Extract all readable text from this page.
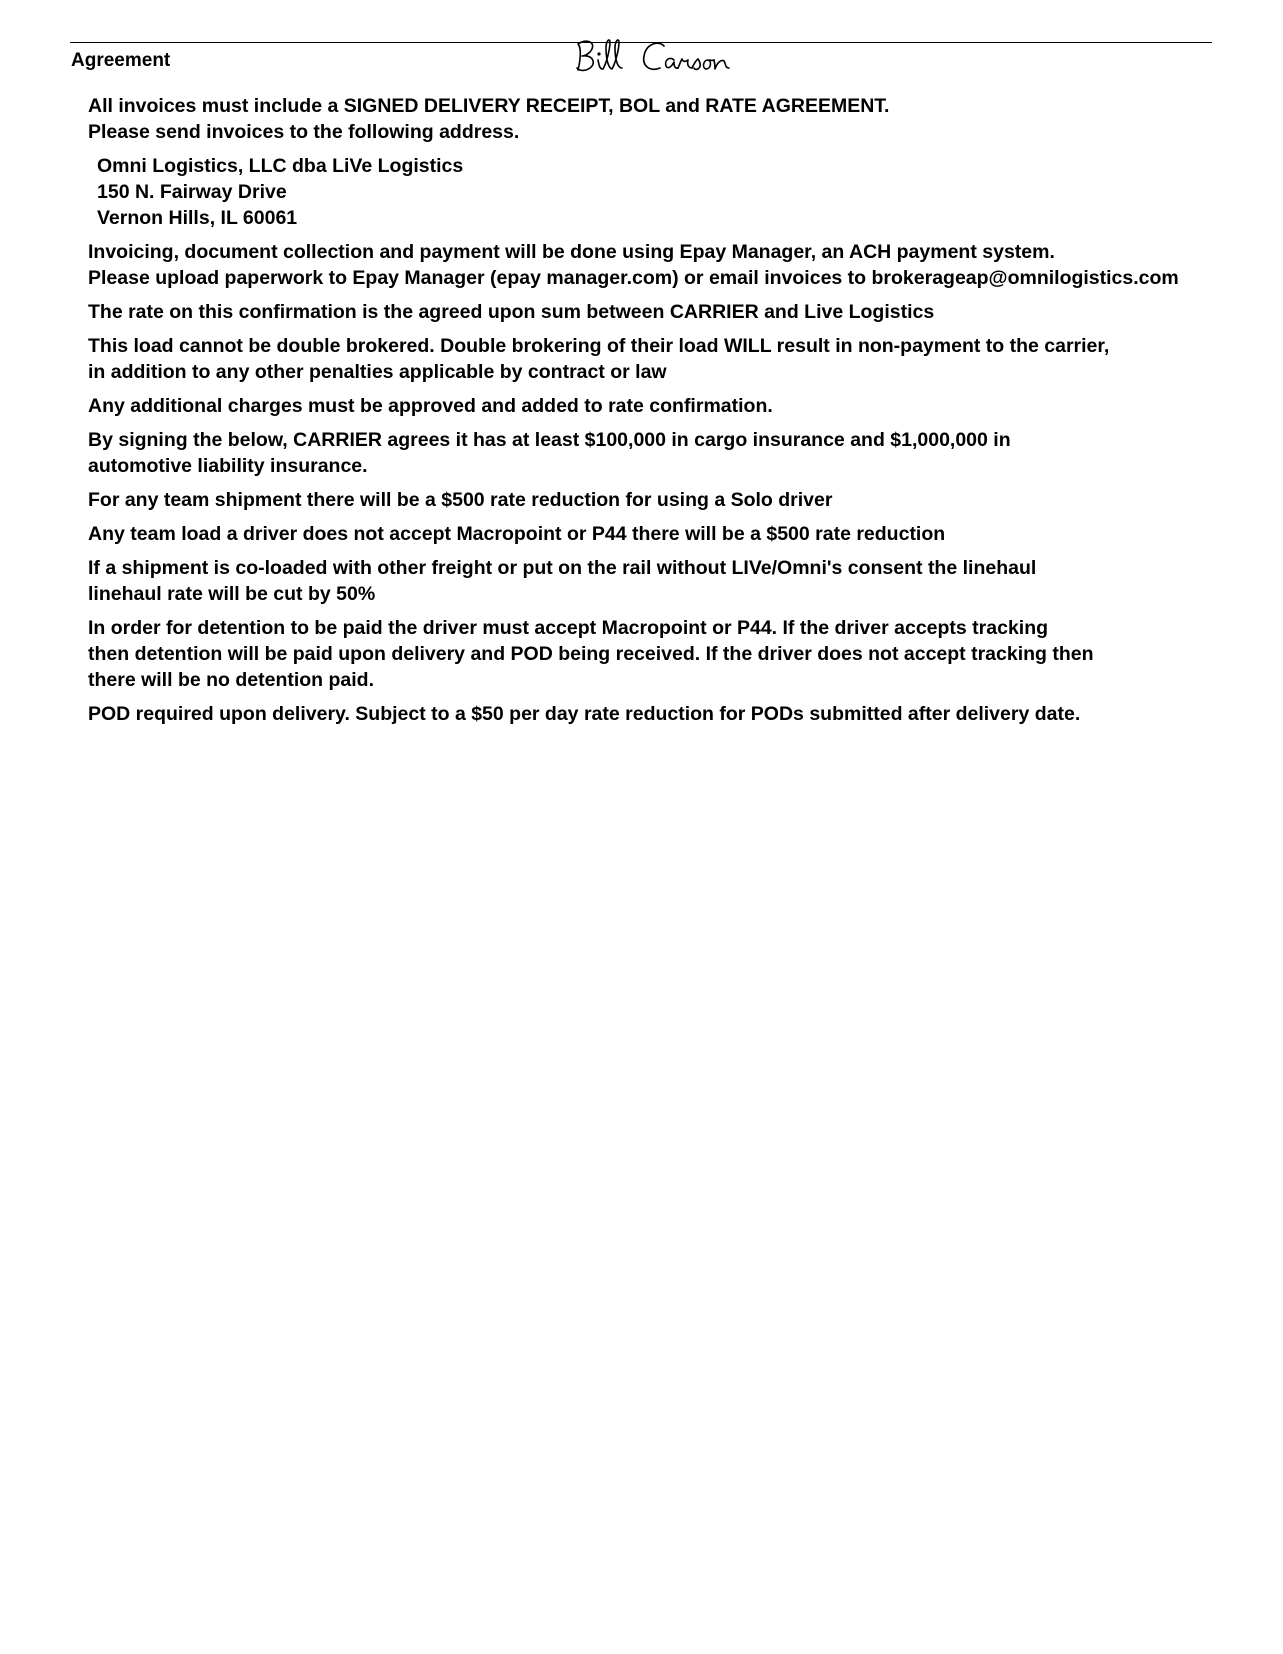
Agreement
All invoices must include a SIGNED DELIVERY RECEIPT, BOL and RATE AGREEMENT.
Please send invoices to the following address.
Omni Logistics, LLC dba LiVe Logistics
150 N. Fairway Drive
Vernon Hills, IL 60061
Invoicing, document collection and payment will be done using Epay Manager, an ACH payment system.
Please upload paperwork to Epay Manager (epay manager.com) or email invoices to brokerageap@omnilogistics.com
The rate on this confirmation is the agreed upon sum between CARRIER and Live Logistics
This load cannot be double brokered. Double brokering of their load WILL result in non-payment to the carrier,
in addition to any other penalties applicable by contract or law
Any additional charges must be approved and added to rate confirmation.
By signing the below, CARRIER agrees it has at least $100,000 in cargo insurance and $1,000,000 in
automotive liability insurance.
For any team shipment there will be a $500 rate reduction for using a Solo driver
Any team load a driver does not accept Macropoint or P44 there will be a $500 rate reduction
If a shipment is co-loaded with other freight or put on the rail without LIVe/Omni's consent the linehaul
linehaul rate will be cut by 50%
In order for detention to be paid the driver must accept Macropoint or P44. If the driver accepts tracking
then detention will be paid upon delivery and POD being received. If the driver does not accept tracking then
there will be no detention paid.
POD required upon delivery. Subject to a $50 per day rate reduction for PODs submitted after delivery date.
